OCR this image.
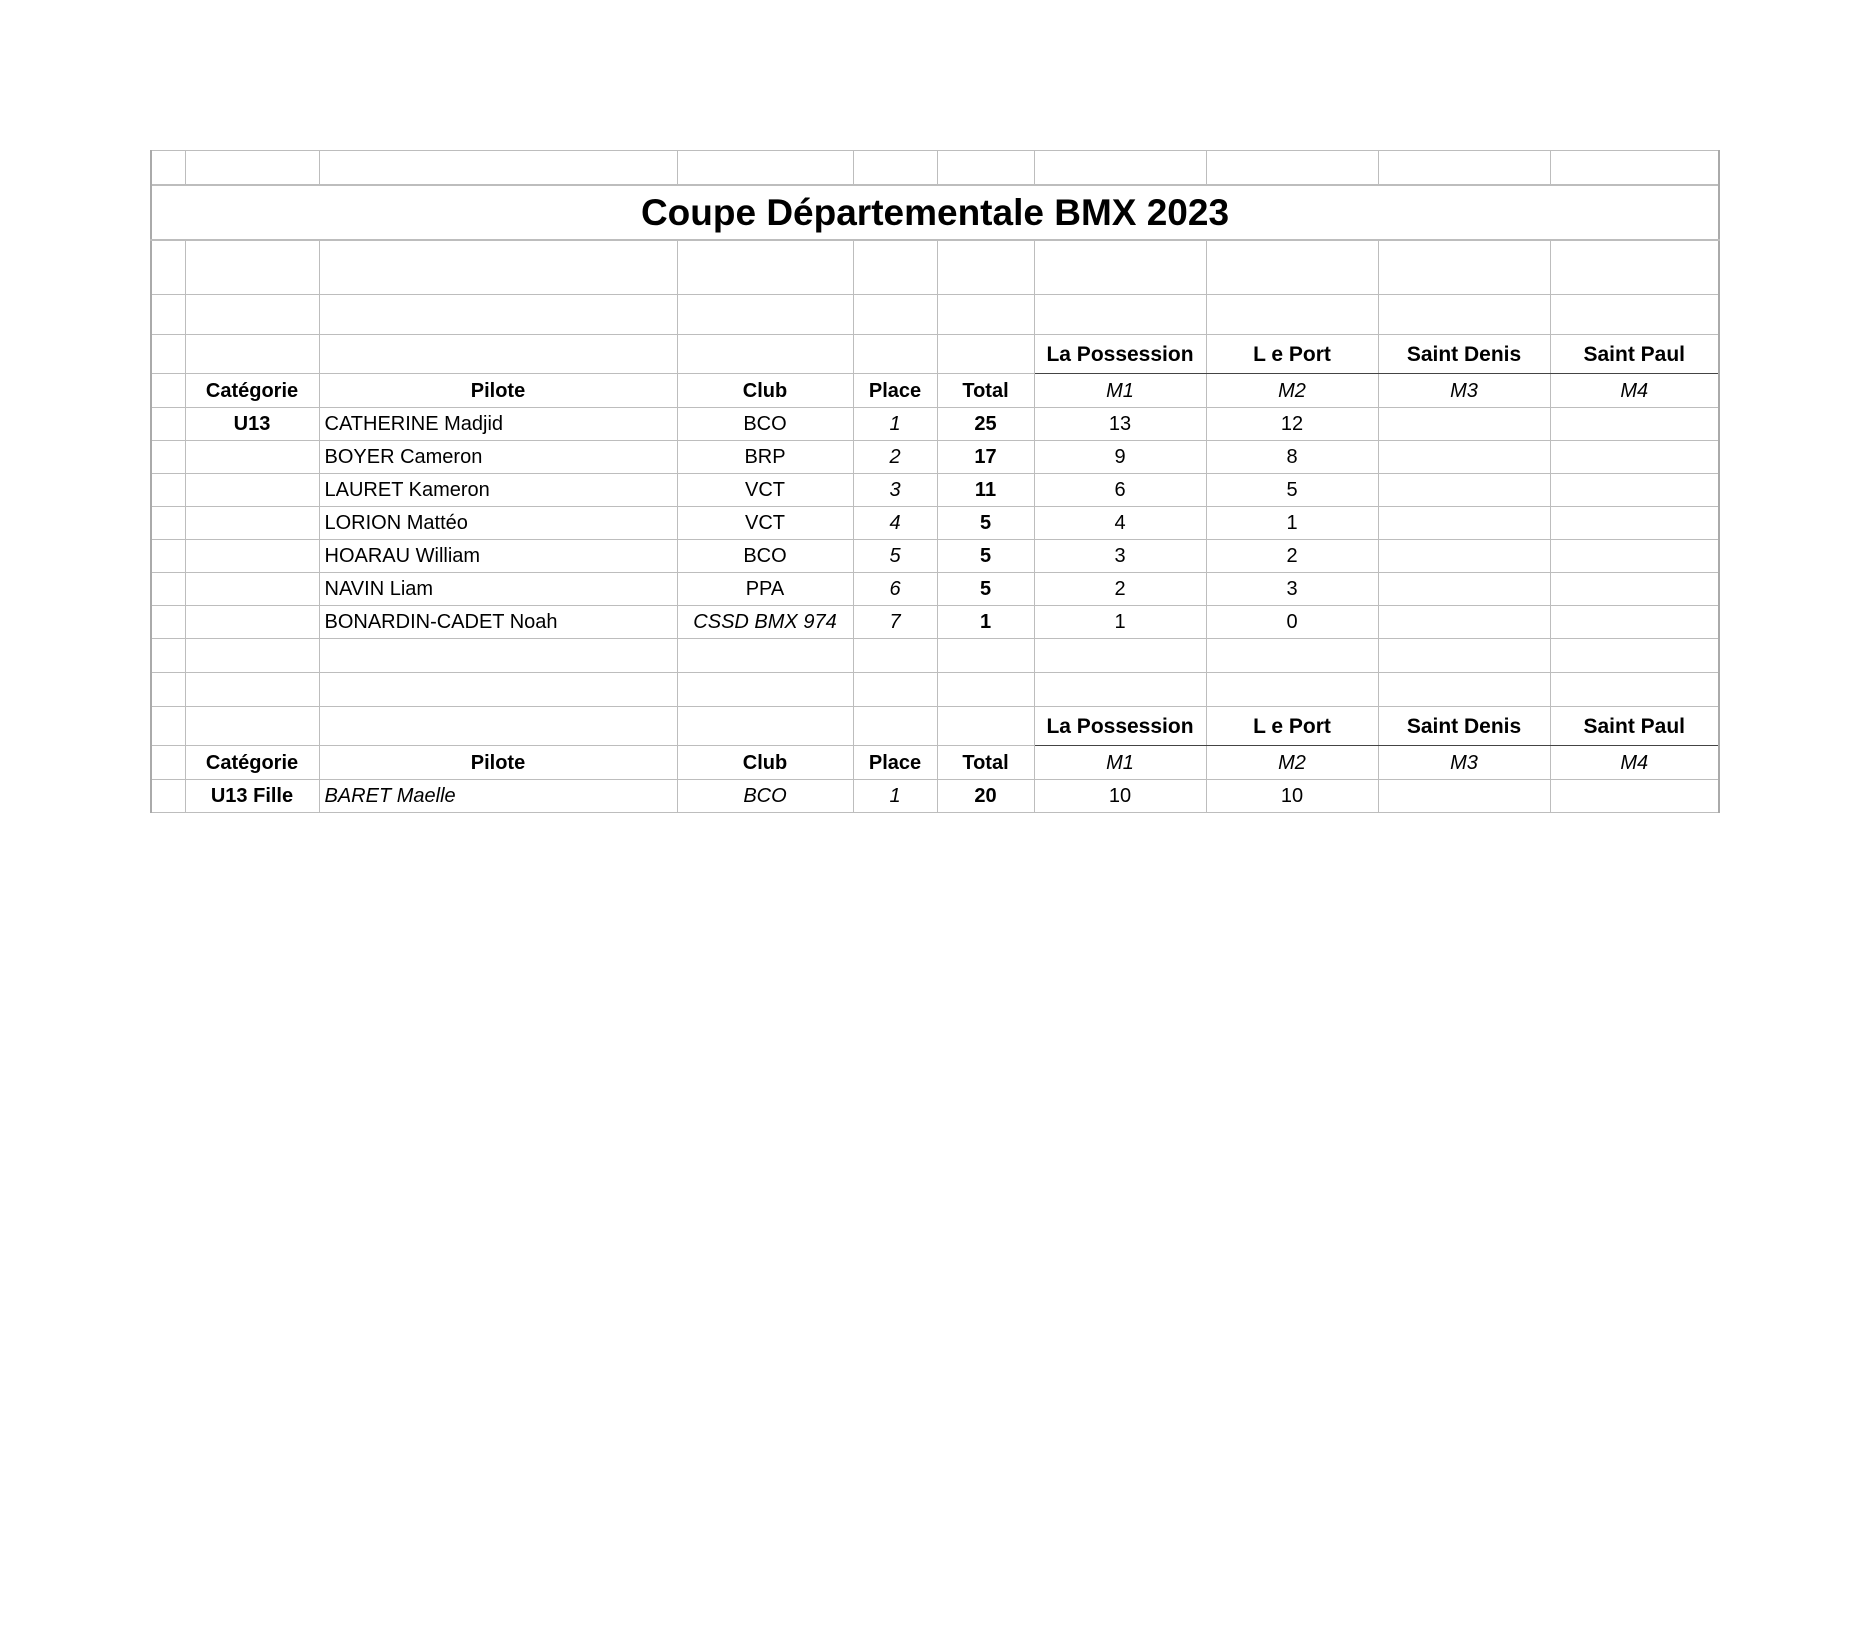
Coupe Départementale BMX 2023									

						La Possession	L e Port	Saint Denis	Saint Paul
	Catégorie	Pilote	Club	Place	Total	M1	M2	M3	M4
	U13	CATHERINE Madjid	BCO	1	25	13	12		
		BOYER Cameron	BRP	2	17	9	8		
		LAURET Kameron	VCT	3	11	6	5		
		LORION Mattéo	VCT	4	5	4	1		
		HOARAU William	BCO	5	5	3	2		
		NAVIN Liam	PPA	6	5	2	3		
		BONARDIN-CADET Noah	CSSD BMX 974	7	1	1	0		

						La Possession	L e Port	Saint Denis	Saint Paul
	Catégorie	Pilote	Club	Place	Total	M1	M2	M3	M4
	U13 Fille	BARET Maelle	BCO	1	20	10	10		
